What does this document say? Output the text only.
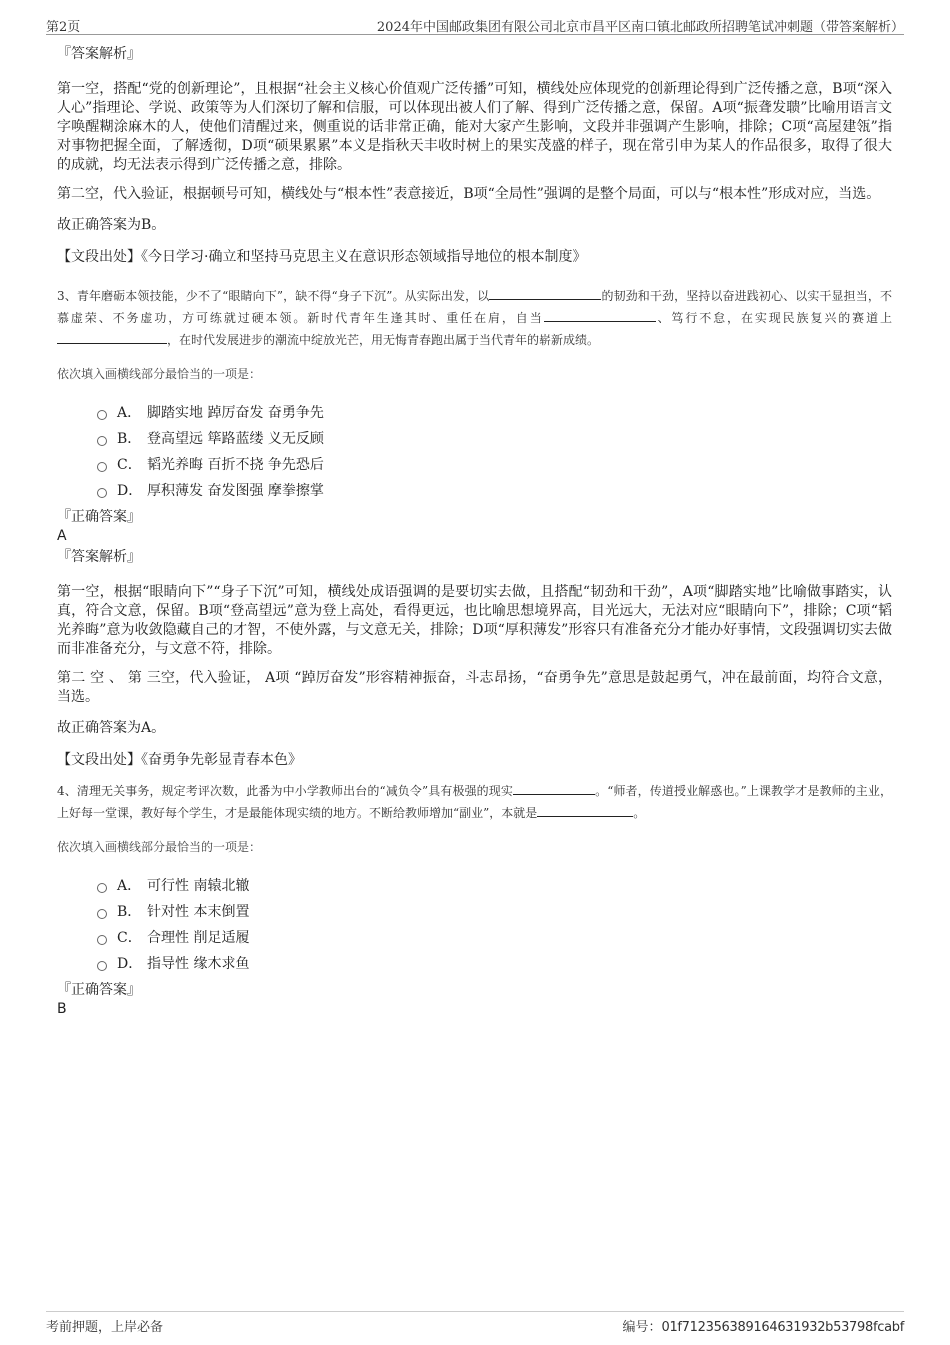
第2页	2024年中国邮政集团有限公司北京市昌平区南口镇北邮政所招聘笔试冲刺题（带答案解析）
『答案解析』

第一空，搭配“党的创新理论”，且根据“社会主义核心价值观广泛传播”可知，横线处应体现党的创新理论得到广泛传播之意，B项“深入人心”指理论、学说、政策等为人们深切了解和信服，可以体现出被人们了解、得到广泛传播之意，保留。A项“振聋发聩”比喻用语言文字唤醒糊涂麻木的人，使他们清醒过来，侧重说的话非常正确，能对大家产生影响，文段并非强调产生影响，排除；C项“高屋建瓴”指对事物把握全面，了解透彻，D项“硕果累累”本义是指秋天丰收时树上的果实茂盛的样子，现在常引申为某人的作品很多，取得了很大的成就，均无法表示得到广泛传播之意，排除。

第二空，代入验证，根据顿号可知，横线处与“根本性”表意接近，B项“全局性”强调的是整个局面，可以与“根本性”形成对应，当选。

故正确答案为B。

【文段出处】《今日学习·确立和坚持马克思主义在意识形态领域指导地位的根本制度》

3、青年磨砺本领技能，少不了“眼睛向下”，缺不得“身子下沉”。从实际出发，以	的韧劲和干劲，坚持以奋进践初心、以实干显担当，不慕虚荣、不务虚功，方可练就过硬本领。新时代青年生逢其时、重任在肩，自当	、笃行不怠，在实现民族复兴的赛道上，在时代发展进步的潮流中绽放光芒，用无悔青春跑出属于当代青年的崭新成绩。
依次填入画横线部分最恰当的一项是：
A． 脚踏实地 踔厉奋发 奋勇争先
B． 登高望远 筚路蓝缕 义无反顾
C． 韬光养晦 百折不挠 争先恐后
D． 厚积薄发 奋发图强 摩拳擦掌
『正确答案』
A
『答案解析』

第一空，根据“眼睛向下”“身子下沉”可知，横线处成语强调的是要切实去做，且搭配“韧劲和干劲”，A项“脚踏实地”比喻做事踏实，认真，符合文意，保留。B项“登高望远”意为登上高处，看得更远，也比喻思想境界高，目光远大，无法对应“眼睛向下”，排除；C项“韬光养晦”意为收敛隐藏自己的才智，不使外露，与文意无关，排除；D项“厚积薄发”形容只有准备充分才能办好事情，文段强调切实去做而非准备充分，与文意不符，排除。

第二 空 、 第 三空，代入验证， A项 “踔厉奋发”形容精神振奋，斗志昂扬，“奋勇争先”意思是鼓起勇气，冲在最前面，均符合文意，当选。

故正确答案为A。

【文段出处】《奋勇争先彰显青春本色》

4、清理无关事务，规定考评次数，此番为中小学教师出台的“减负令”具有极强的现实	。“师者，传道授业解惑也。”上课教学才是教师的主业，上好每一堂课，教好每个学生，才是最能体现实绩的地方。不断给教师增加“副业”，本就是	。
依次填入画横线部分最恰当的一项是：
A． 可行性 南辕北辙
B． 针对性 本末倒置
C． 合理性 削足适履
D． 指导性 缘木求鱼
『正确答案』
B
考前押题，上岸必备	编号：01f71235638916463193​2b53798fcabf
